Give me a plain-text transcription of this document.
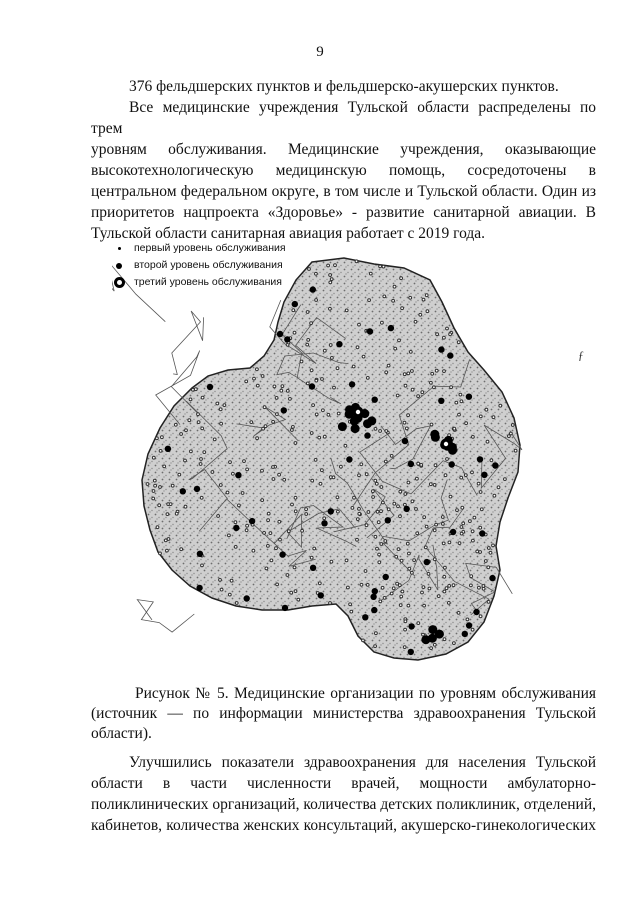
9

376 фельдшерских пунктов и фельдшерско-акушерских пунктов.

Все медицинские учреждения Тульской области распределены по трем
уровням обслуживания. Медицинские учреждения, оказывающие
высокотехнологическую медицинскую помощь, сосредоточены в
центральном федеральном округе, в том числе и Тульской области. Один из
приоритетов нацпроекта «Здоровье» - развитие санитарной авиации. В
Тульской области санитарная авиация работает с 2019 года.

первый уровень обслуживания
второй уровень обслуживания
третий уровень обслуживания
ƒ
Рисунок № 5. Медицинские организации по уровням обслуживания
(источник — по информации министерства здравоохранения Тульской
области).

Улучшились показатели здравоохранения для населения Тульской
области в части численности врачей, мощности амбулаторно-
поликлинических организаций, количества детских поликлиник, отделений,
кабинетов, количества женских консультаций, акушерско-гинекологических
